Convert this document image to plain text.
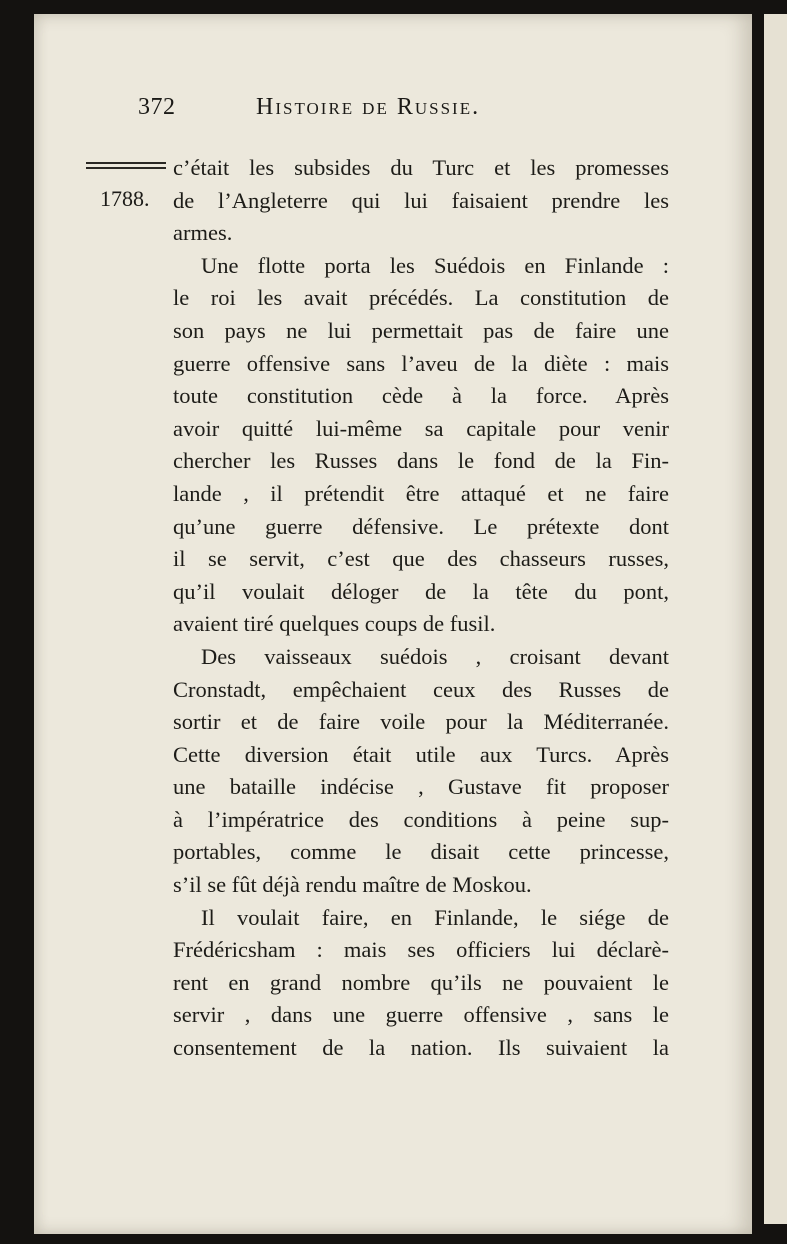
372	Histoire de Russie.
1788.
c’était les subsides du Turc et les promesses
de l’Angleterre qui lui faisaient prendre les
armes.
Une flotte porta les Suédois en Finlande :
le roi les avait précédés. La constitution de
son pays ne lui permettait pas de faire une
guerre offensive sans l’aveu de la diète : mais
toute constitution cède à la force. Après
avoir quitté lui-même sa capitale pour venir
chercher les Russes dans le fond de la Fin-
lande , il prétendit être attaqué et ne faire
qu’une guerre défensive. Le prétexte dont
il se servit, c’est que des chasseurs russes,
qu’il voulait déloger de la tête du pont,
avaient tiré quelques coups de fusil.
Des vaisseaux suédois , croisant devant
Cronstadt, empêchaient ceux des Russes de
sortir et de faire voile pour la Méditerranée.
Cette diversion était utile aux Turcs. Après
une bataille indécise , Gustave fit proposer
à l’impératrice des conditions à peine sup-
portables, comme le disait cette princesse,
s’il se fût déjà rendu maître de Moskou.
Il voulait faire, en Finlande, le siége de
Frédéricsham : mais ses officiers lui déclarè-
rent en grand nombre qu’ils ne pouvaient le
servir , dans une guerre offensive , sans le
consentement de la nation. Ils suivaient la
